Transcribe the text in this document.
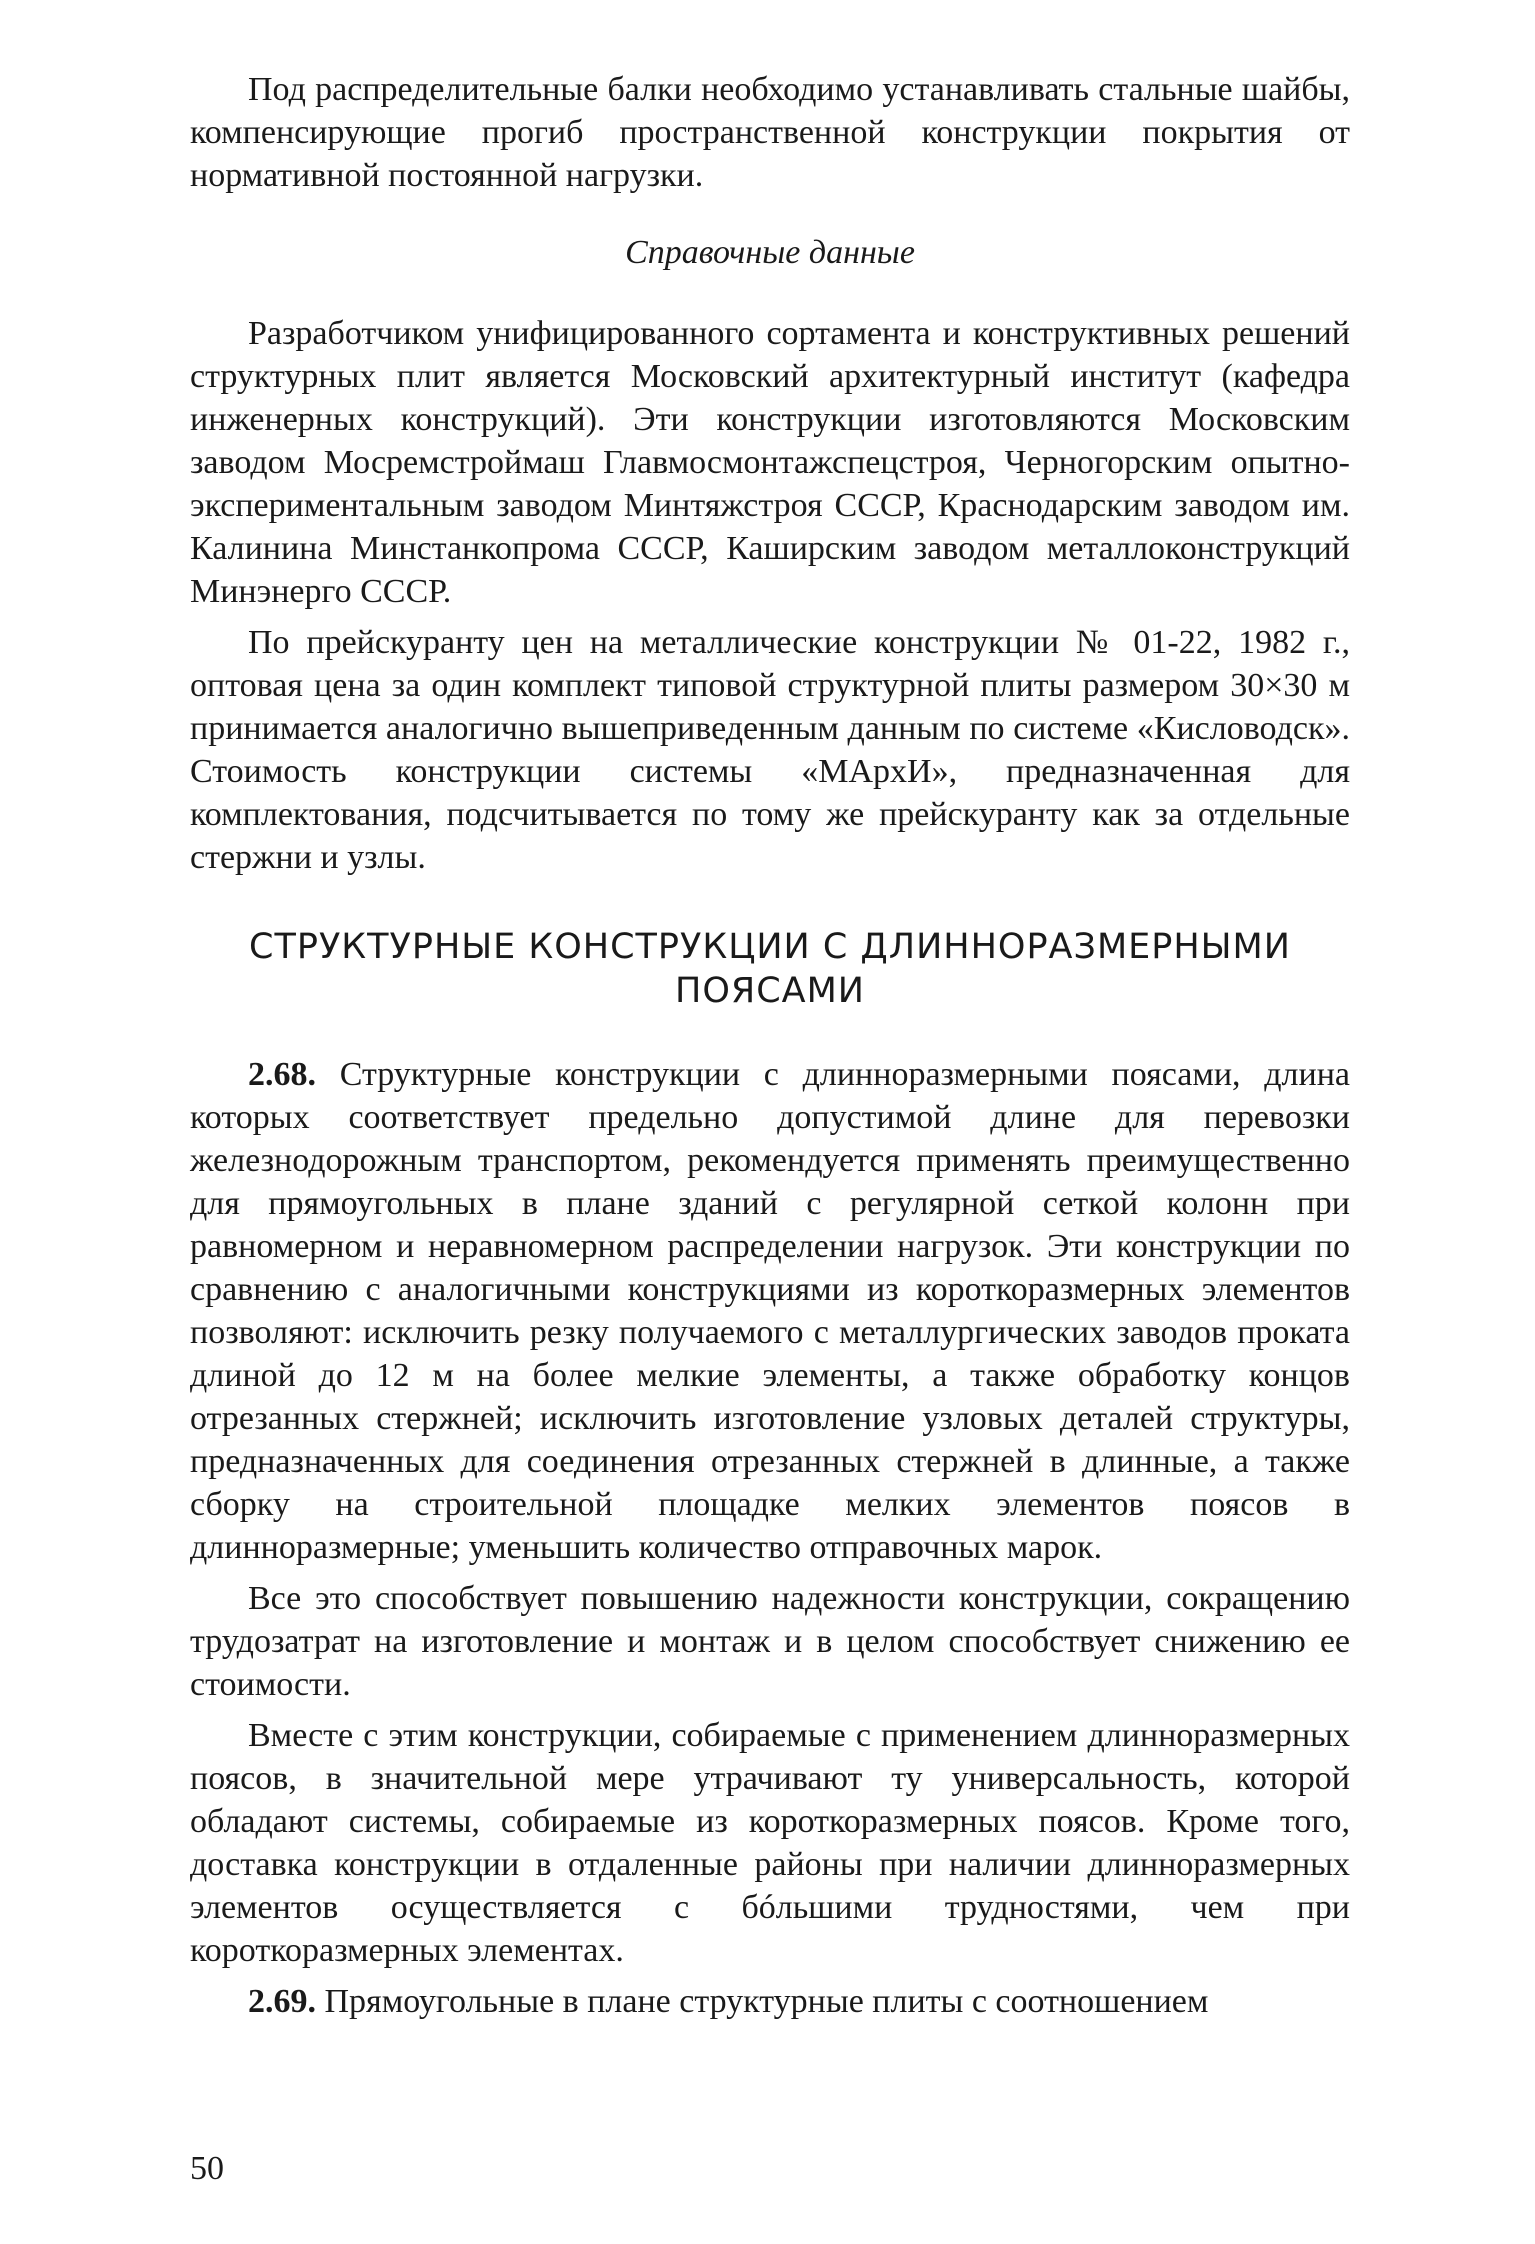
Под распределительные балки необходимо устанавливать стальные шайбы, компенсирующие прогиб пространственной конструкции покрытия от нормативной постоянной нагрузки.

Справочные данные

Разработчиком унифицированного сортамента и конструктивных решений структурных плит является Московский архитектурный институт (кафедра инженерных конструкций). Эти конструкции изготовляются Московским заводом Мосремстроймаш Главмосмонтажспецстроя, Черногорским опытно-экспериментальным заводом Минтяжстроя СССР, Краснодарским заводом им. Калинина Минстанкопрома СССР, Каширским заводом металлоконструкций Минэнерго СССР.

По прейскуранту цен на металлические конструкции № 01-22, 1982 г., оптовая цена за один комплект типовой структурной плиты размером 30×30 м принимается аналогично вышеприведенным данным по системе «Кисловодск». Стоимость конструкции системы «МАрхИ», предназначенная для комплектования, подсчитывается по тому же прейскуранту как за отдельные стержни и узлы.

СТРУКТУРНЫЕ КОНСТРУКЦИИ С ДЛИННОРАЗМЕРНЫМИ
ПОЯСАМИ

2.68. Структурные конструкции с длинноразмерными поясами, длина которых соответствует предельно допустимой длине для перевозки железнодорожным транспортом, рекомендуется применять преимущественно для прямоугольных в плане зданий с регулярной сеткой колонн при равномерном и неравномерном распределении нагрузок. Эти конструкции по сравнению с аналогичными конструкциями из короткоразмерных элементов позволяют: исключить резку получаемого с металлургических заводов проката длиной до 12 м на более мелкие элементы, а также обработку концов отрезанных стержней; исключить изготовление узловых деталей структуры, предназначенных для соединения отрезанных стержней в длинные, а также сборку на строительной площадке мелких элементов поясов в длинноразмерные; уменьшить количество отправочных марок.

Все это способствует повышению надежности конструкции, сокращению трудозатрат на изготовление и монтаж и в целом способствует снижению ее стоимости.

Вместе с этим конструкции, собираемые с применением длинноразмерных поясов, в значительной мере утрачивают ту универсальность, которой обладают системы, собираемые из короткоразмерных поясов. Кроме того, доставка конструкции в отдаленные районы при наличии длинноразмерных элементов осуществляется с бóльшими трудностями, чем при короткоразмерных элементах.

2.69. Прямоугольные в плане структурные плиты с соотношением

50
